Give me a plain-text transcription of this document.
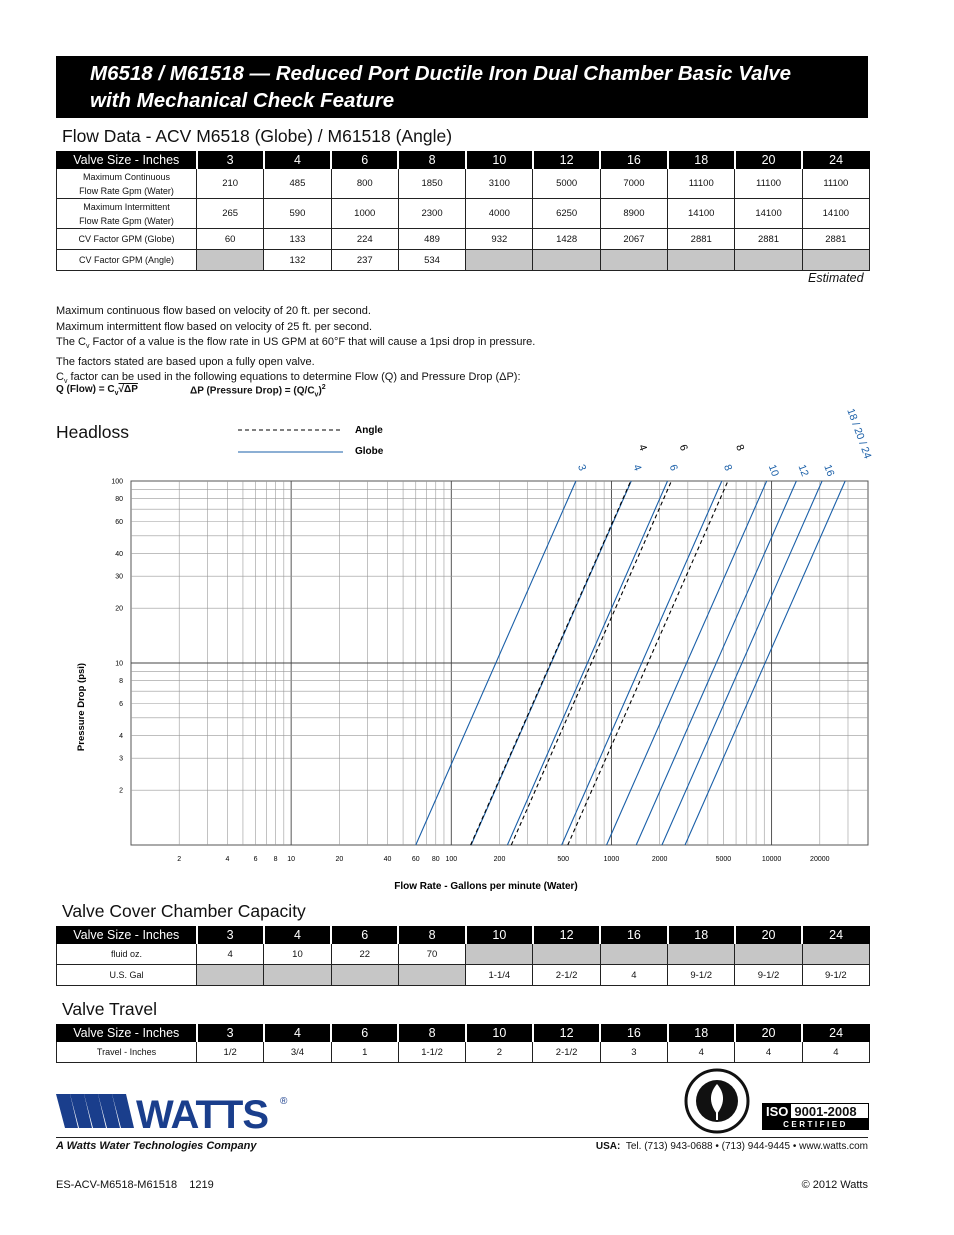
M6518 / M61518 — Reduced Port Ductile Iron Dual Chamber Basic Valve
with Mechanical Check Feature
Flow Data - ACV M6518 (Globe) / M61518 (Angle)
Valve Size - Inches	3	4	6	8	10	12	16	18	20	24
Maximum Continuous
Flow Rate Gpm (Water)	210	485	800	1850	3100	5000	7000	11100	11100	11100
Maximum Intermittent
Flow Rate Gpm (Water)	265	590	1000	2300	4000	6250	8900	14100	14100	14100
CV Factor GPM (Globe)	60	133	224	489	932	1428	2067	2881	2881	2881
CV Factor GPM (Angle)		132	237	534						
Estimated
Maximum continuous flow based on velocity of 20 ft. per second.
Maximum intermittent flow based on velocity of 25 ft. per second.
The $C_v$ Factor of a value is the flow rate in US GPM at 60°F that will cause a 1psi drop in pressure.
The factors stated are based upon a fully open valve.
$C_v$ factor can be used in the following equations to determine Flow (Q) and Pressure Drop (ΔP):
Q (Flow) = $C_v√\Delta P$	ΔP (Pressure Drop) = $(Q/C_v)^2$
Headloss	Angle
Globe
2	4	6 8 10	20	40	60 80 100	200	500	1000	2000	5000	10000	20000
2
3
4
6
8
10
20
30
40
60
80
100
3	4
4
6
6
8
8
10 12 16
18 / 20 / 24
Flow Rate - Gallons per minute (Water)
Pressure Drop (psi)
Valve Cover Chamber Capacity
Valve Size - Inches	3	4	6	8	10	12	16	18	20	24
fluid oz.	4	10	22	70						
U.S. Gal					1-1/4	2-1/2	4	9-1/2	9-1/2	9-1/2
Valve Travel
Valve Size - Inches	3	4	6	8	10	12	16	18	20	24
Travel - Inches	1/2	3/4	1	1-1/2	2	2-1/2	3	4	4	4
WATTS ®
ISO 9001-2008
CERTIFIED
A Watts Water Technologies Company	USA: Tel. (713) 943-0688 • (713) 944-9445 • www.watts.com
ES-ACV-M6518-M61518    1219	© 2012 Watts
